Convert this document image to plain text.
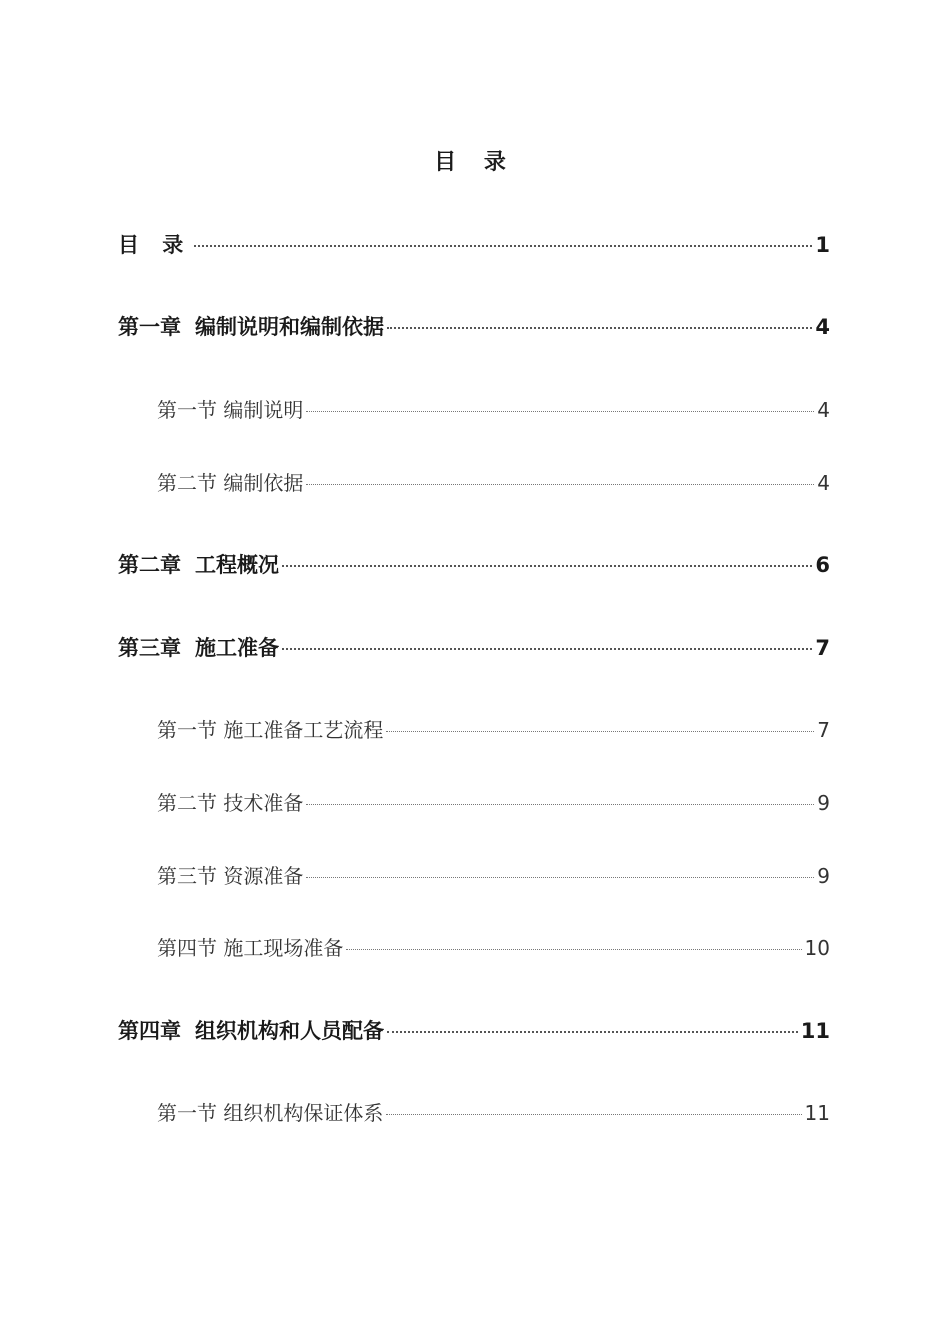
目 录
目 录	1
第一章 编制说明和编制依据	4
第一节 编制说明	4
第二节 编制依据	4
第二章 工程概况	6
第三章 施工准备	7
第一节 施工准备工艺流程	7
第二节 技术准备	9
第三节 资源准备	9
第四节 施工现场准备	10
第四章 组织机构和人员配备	11
第一节 组织机构保证体系	11
